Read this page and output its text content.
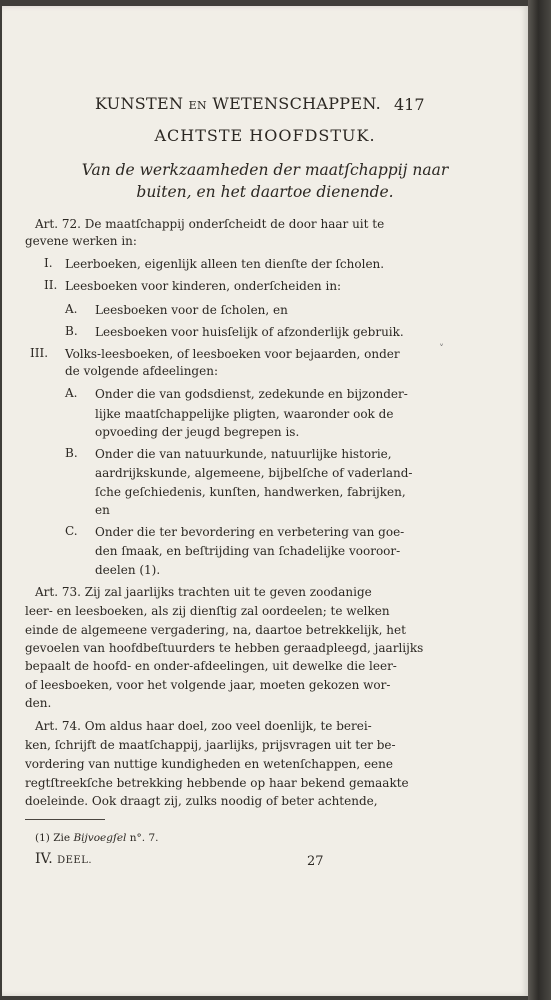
KUNSTEN EN WETENSCHAPPEN. 417
ACHTSTE HOOFDSTUK.
Van de werkzaamheden der maatſchappij naar
buiten, en het daartoe dienende.
Art. 72. De maatſchappij onderſcheidt de door haar uit te
gevene werken in:
I. Leerboeken, eigenlijk alleen ten dienſte der ſcholen.
II. Leesboeken voor kinderen, onderſcheiden in:
A. Leesboeken voor de ſcholen, en
B. Leesboeken voor huisſelijk of afzonderlijk gebruik.
III. Volks-leesboeken, of leesboeken voor bejaarden, onder
de volgende afdeelingen:
A. Onder die van godsdienst, zedekunde en bijzonder-
lijke maatſchappelijke pligten, waaronder ook de
opvoeding der jeugd begrepen is.
B. Onder die van natuurkunde, natuurlijke historie,
aardrijkskunde, algemeene, bijbelſche of vaderland-
ſche geſchiedenis, kunſten, handwerken, fabrijken,
en
C. Onder die ter bevordering en verbetering van goe-
den ſmaak, en beſtrijding van ſchadelijke vooroor-
deelen (1).
Art. 73. Zij zal jaarlijks trachten uit te geven zoodanige
leer- en leesboeken, als zij dienſtig zal oordeelen; te welken
einde de algemeene vergadering, na, daartoe betrekkelijk, het
gevoelen van hoofdbeſtuurders te hebben geraadpleegd, jaarlijks
bepaalt de hoofd- en onder-afdeelingen, uit dewelke die leer-
of leesboeken, voor het volgende jaar, moeten gekozen wor-
den.
Art. 74. Om aldus haar doel, zoo veel doenlijk, te berei-
ken, ſchrijft de maatſchappij, jaarlijks, prijsvragen uit ter be-
vordering van nuttige kundigheden en wetenſchappen, eene
regtſtreekſche betrekking hebbende op haar bekend gemaakte
doeleinde. Ook draagt zij, zulks noodig of beter achtende,
˅
(1) Zie Bijvoegſel n°. 7.
IV. DEEL.	27
